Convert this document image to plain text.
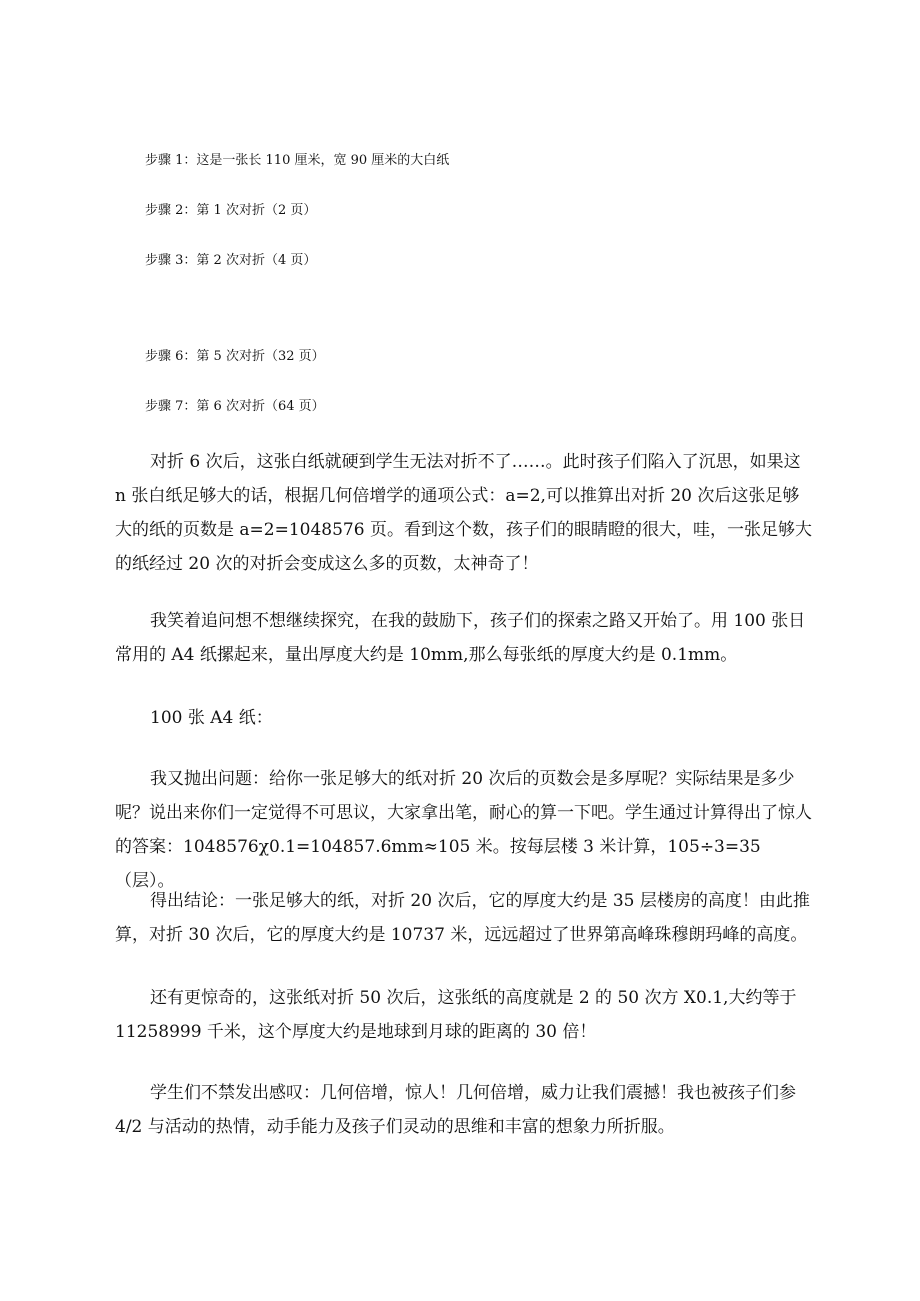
步骤 1：这是一张长 110 厘米，宽 90 厘米的大白纸
步骤 2：第 1 次对折（2 页）
步骤 3：第 2 次对折（4 页）
步骤 6：第 5 次对折（32 页）
步骤 7：第 6 次对折（64 页）

对折 6 次后，这张白纸就硬到学生无法对折不了……。此时孩子们陷入了沉思，如果这 n 张白纸足够大的话，根据几何倍增学的通项公式：a=2,可以推算出对折 20 次后这张足够大的纸的页数是 a=2=1048576 页。看到这个数，孩子们的眼睛瞪的很大，哇，一张足够大的纸经过 20 次的对折会变成这么多的页数，太神奇了！

我笑着追问想不想继续探究，在我的鼓励下，孩子们的探索之路又开始了。用 100 张日常用的 A4 纸摞起来，量出厚度大约是 10mm,那么每张纸的厚度大约是 0.1mm。

100 张 A4 纸：

我又抛出问题：给你一张足够大的纸对折 20 次后的页数会是多厚呢？实际结果是多少呢？说出来你们一定觉得不可思议，大家拿出笔，耐心的算一下吧。学生通过计算得出了惊人的答案：1048576χ0.1=104857.6mm≈105 米。按每层楼 3 米计算，105÷3=35（层）。

得出结论：一张足够大的纸，对折 20 次后，它的厚度大约是 35 层楼房的高度！由此推算，对折 30 次后，它的厚度大约是 10737 米，远远超过了世界第高峰珠穆朗玛峰的高度。

还有更惊奇的，这张纸对折 50 次后，这张纸的高度就是 2 的 50 次方 X0.1,大约等于 11258999 千米，这个厚度大约是地球到月球的距离的 30 倍！

学生们不禁发出感叹：几何倍增，惊人！几何倍增，威力让我们震撼！我也被孩子们参 4/2 与活动的热情，动手能力及孩子们灵动的思维和丰富的想象力所折服。
